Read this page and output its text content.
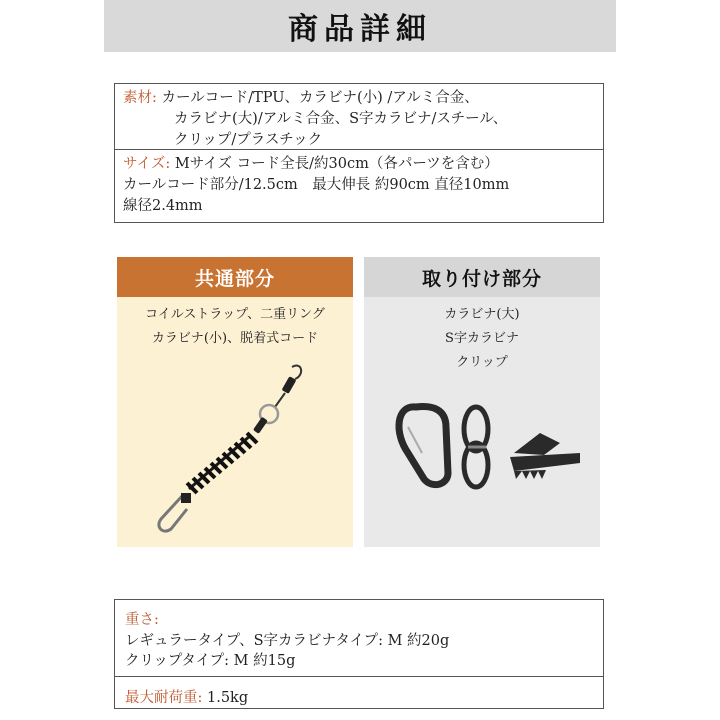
商品詳細
素材: カールコード/TPU、カラビナ(小) /アルミ合金、
カラビナ(大)/アルミ合金、S字カラビナ/スチール、
クリップ/プラスチック
サイズ: Mサイズ コード全長/約30cm（各パーツを含む）
カールコード部分/12.5cm　最大伸長 約90cm 直径10mm
線径2.4mm
共通部分
コイルストラップ、二重リング
カラビナ(小)、脱着式コード
取り付け部分
カラビナ(大)
S字カラビナ
クリップ
重さ:
レギュラータイプ、S字カラビナタイプ: M 約20g
クリップタイプ: M 約15g
最大耐荷重: 1.5kg
